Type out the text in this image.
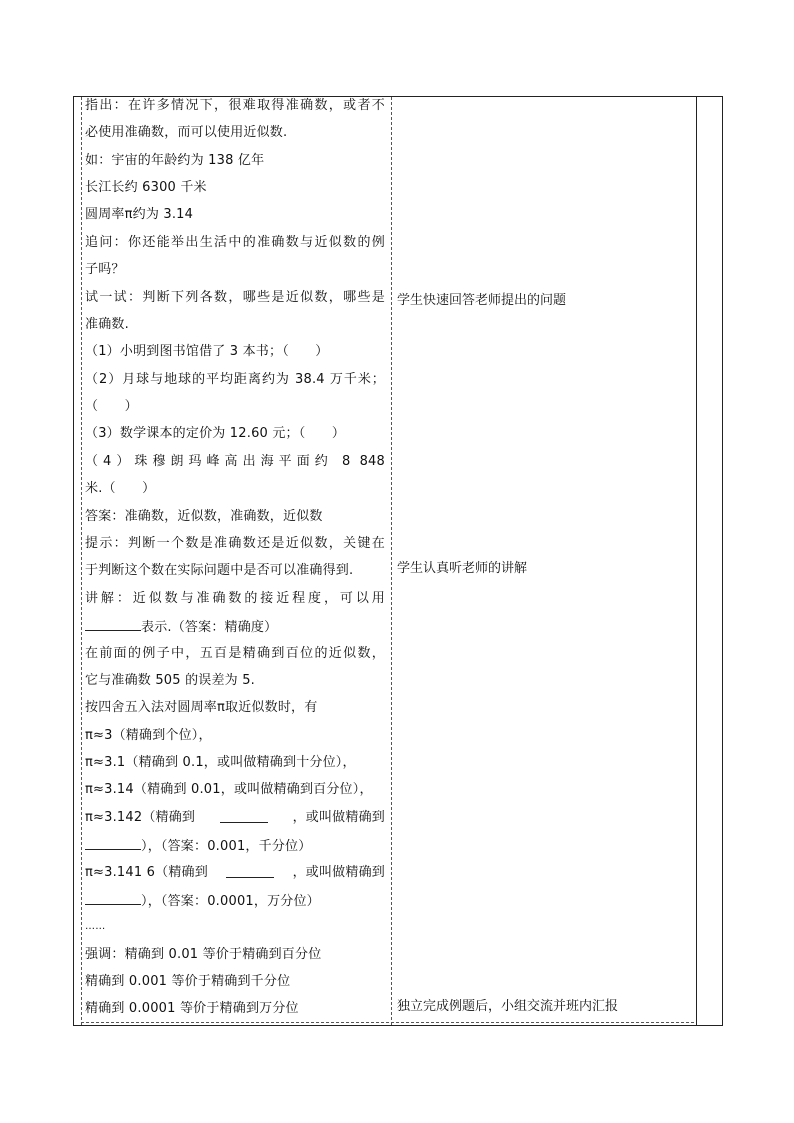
指出：在许多情况下，很难取得准确数，或者不
必使用准确数，而可以使用近似数.
如：宇宙的年龄约为 138 亿年
长江长约 6300 千米
圆周率π约为 3.14
追问：你还能举出生活中的准确数与近似数的例
子吗？
试一试：判断下列各数，哪些是近似数，哪些是
准确数.
（1）小明到图书馆借了 3 本书；（　　）
（2）月球与地球的平均距离约为 38.4 万千米；
（　　）
（3）数学课本的定价为 12.60 元；（　　）
（4）珠穆朗玛峰高出海平面约 8 848
米.（　　）
答案：准确数，近似数，准确数，近似数
提示：判断一个数是准确数还是近似数，关键在
于判断这个数在实际问题中是否可以准确得到.
讲解：近似数与准确数的接近程度，可以用
表示.（答案：精确度）
在前面的例子中，五百是精确到百位的近似数，
它与准确数 505 的误差为 5.
按四舍五入法对圆周率π取近似数时，有
π≈3（精确到个位），
π≈3.1（精确到 0.1，或叫做精确到十分位），
π≈3.14（精确到 0.01，或叫做精确到百分位），
π≈3.142（精确到	，或叫做精确到
），（答案：0.001，千分位）
π≈3.141 6（精确到	，或叫做精确到
），（答案：0.0001，万分位）
……
强调：精确到 0.01 等价于精确到百分位
精确到 0.001 等价于精确到千分位
精确到 0.0001 等价于精确到万分位
学生快速回答老师提出的问题
学生认真听老师的讲解
独立完成例题后，小组交流并班内汇报
